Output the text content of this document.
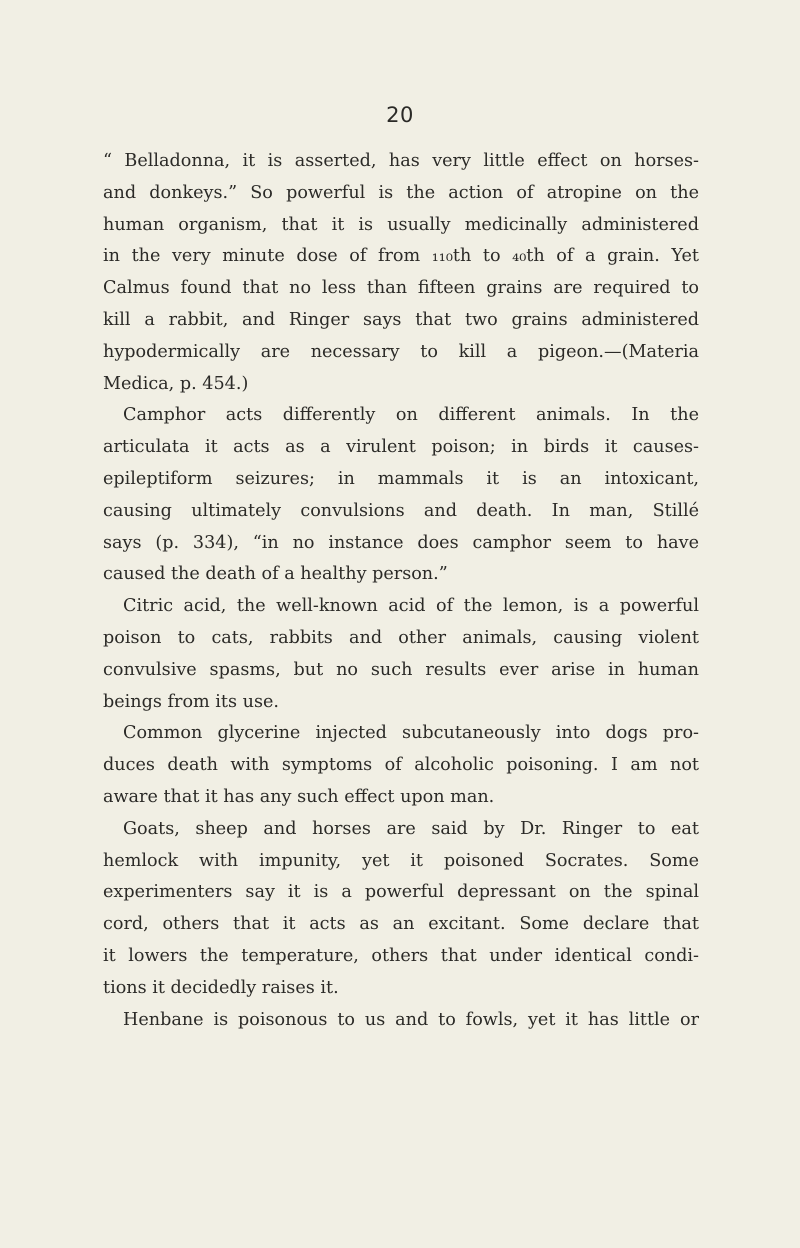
20
“ Belladonna, it is asserted, has very little effect on horses-
and donkeys.” So powerful is the action of atropine on the
human organism, that it is usually medicinally administered
in the very minute dose of from ₁₁₀th to ₄₀th of a grain. Yet
Calmus found that no less than fifteen grains are required to
kill a rabbit, and Ringer says that two grains administered
hypodermically are necessary to kill a pigeon.—(Materia
Medica, p. 454.)
Camphor acts differently on different animals. In the
articulata it acts as a virulent poison; in birds it causes-
epileptiform seizures; in mammals it is an intoxicant,
causing ultimately convulsions and death. In man, Stillé
says (p. 334), “in no instance does camphor seem to have
caused the death of a healthy person.”
Citric acid, the well-known acid of the lemon, is a powerful
poison to cats, rabbits and other animals, causing violent
convulsive spasms, but no such results ever arise in human
beings from its use.
Common glycerine injected subcutaneously into dogs pro-
duces death with symptoms of alcoholic poisoning. I am not
aware that it has any such effect upon man.
Goats, sheep and horses are said by Dr. Ringer to eat
hemlock with impunity, yet it poisoned Socrates. Some
experimenters say it is a powerful depressant on the spinal
cord, others that it acts as an excitant. Some declare that
it lowers the temperature, others that under identical condi-
tions it decidedly raises it.
Henbane is poisonous to us and to fowls, yet it has little or
